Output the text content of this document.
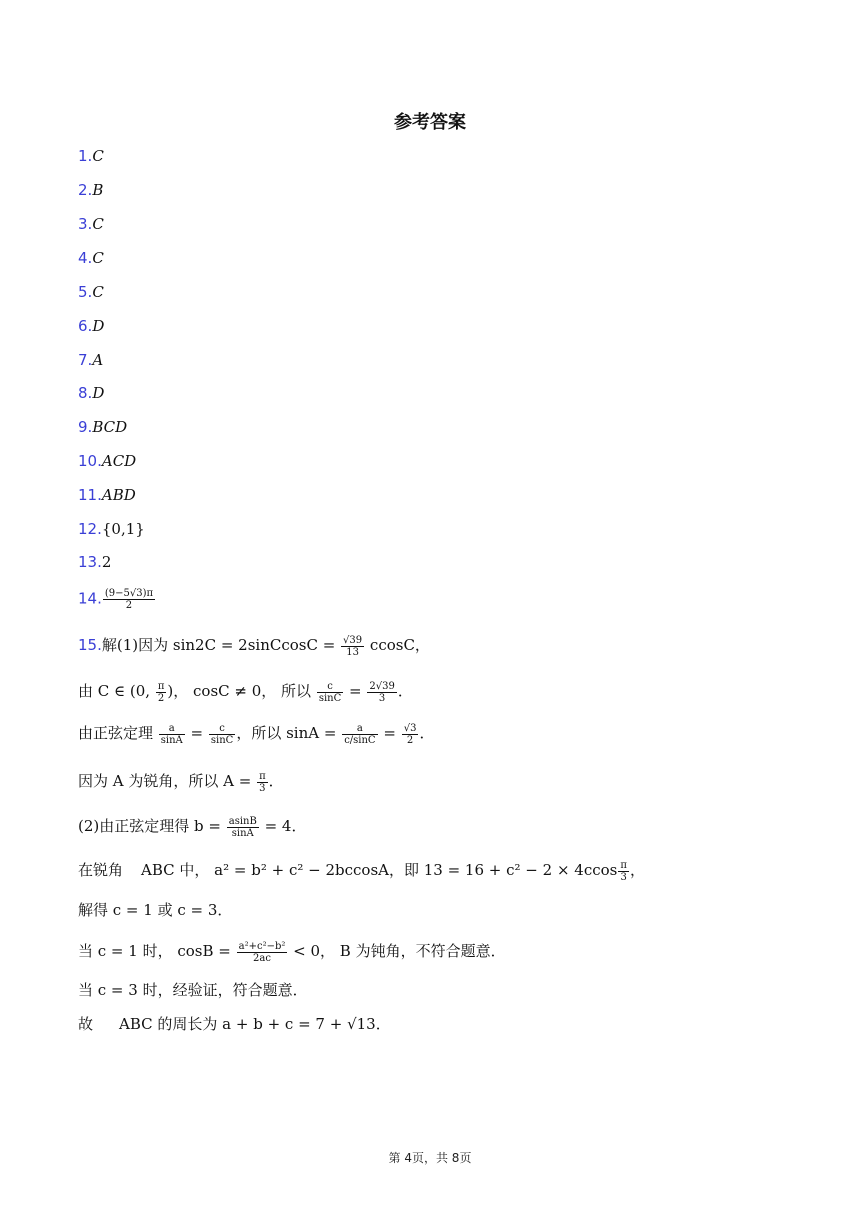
参考答案
1.C
2.B
3.C
4.C
5.C
6.D
7.A
8.D
9.BCD
10.ACD
11.ABD
12.{0,1}
13.2
14. $\frac{(9-5√3)\pi}{2}$
15.解(1)因为 sin2C = 2sinCcosC = $\frac{√39}{13}$ ccosC，
由 C ∈ (0, $\frac{\pi}{2}$ )， cosC ≠ 0， 所以 $\frac{c}{\sin C} = \frac{2√39}{3}$ ．
由正弦定理 $\frac{a}{\sin A} = \frac{c}{\sin C}$ ，所以 $\sin A = \frac{a}{c/\sin C} = \frac{√3}{2}$ ．
因为 A 为锐角，所以 $A = \frac{\pi}{3}$ ．
(2)由正弦定理得 $b = \frac{asinB}{\sin A} = 4$．
在锐角 ABC 中， a² = b² + c² − 2bccosA，即 $13 = 16 + c^2 - 2 \times 4ccos \frac{\pi}{3}$ ，
解得 c = 1 或 c = 3．
当 c = 1 时， $\cos B = \frac{\text{a²+c²−b²}}{2ac} < 0$， B 为钝角，不符合题意．
当 c = 3 时，经验证，符合题意．
故 ABC 的周长为 a + b + c = 7 + √13．
第 4页，共 8页
